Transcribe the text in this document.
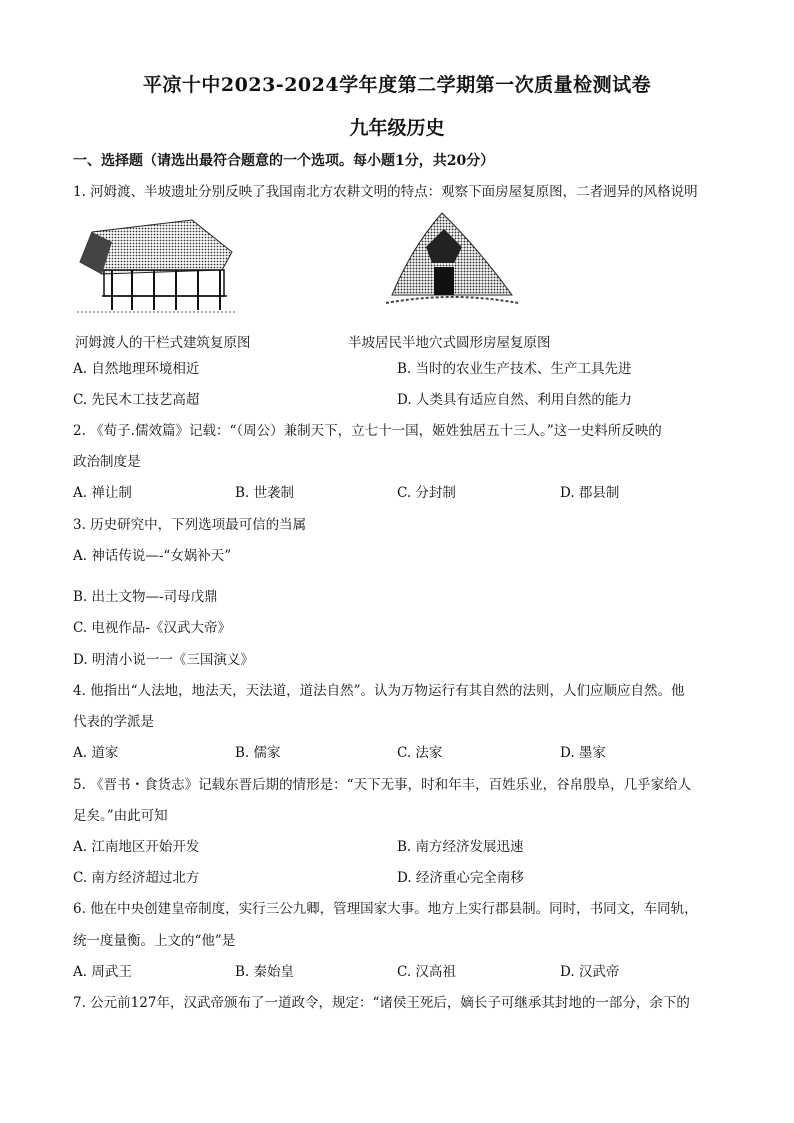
平凉十中2023-2024学年度第二学期第一次质量检测试卷
九年级历史
一、选择题（请选出最符合题意的一个选项。每小题1分，共20分）
1. 河姆渡、半坡遗址分别反映了我国南北方农耕文明的特点：观察下面房屋复原图，二者迥异的风格说明
河姆渡人的干栏式建筑复原图	半坡居民半地穴式圆形房屋复原图
A. 自然地理环境相近	B. 当时的农业生产技术、生产工具先进
C. 先民木工技艺高超	D. 人类具有适应自然、利用自然的能力
2. 《荀子.儒效篇》记载：“（周公）兼制天下，立七十一国，姬姓独居五十三人。”这一史料所反映的
政治制度是
A. 禅让制	B. 世袭制	C. 分封制	D. 郡县制
3. 历史研究中，下列选项最可信的当属
A. 神话传说—-“女娲补天”
B. 出土文物—-司母戊鼎
C. 电视作品-《汉武大帝》
D. 明清小说一一《三国演义》
4. 他指出“人法地，地法天，天法道，道法自然”。认为万物运行有其自然的法则，人们应顺应自然。他
代表的学派是
A. 道家	B. 儒家	C. 法家	D. 墨家
5. 《晋书・食货志》记载东晋后期的情形是：“天下无事，时和年丰，百姓乐业，谷帛殷阜，几乎家给人
足矣。”由此可知
A. 江南地区开始开发	B. 南方经济发展迅速
C. 南方经济超过北方	D. 经济重心完全南移
6. 他在中央创建皇帝制度，实行三公九卿，管理国家大事。地方上实行郡县制。同时，书同文，车同轨，
统一度量衡。上文的“他”是
A. 周武王	B. 秦始皇	C. 汉高祖	D. 汉武帝
7. 公元前127年，汉武帝颁布了一道政令，规定：“诸侯王死后，嫡长子可继承其封地的一部分，余下的
